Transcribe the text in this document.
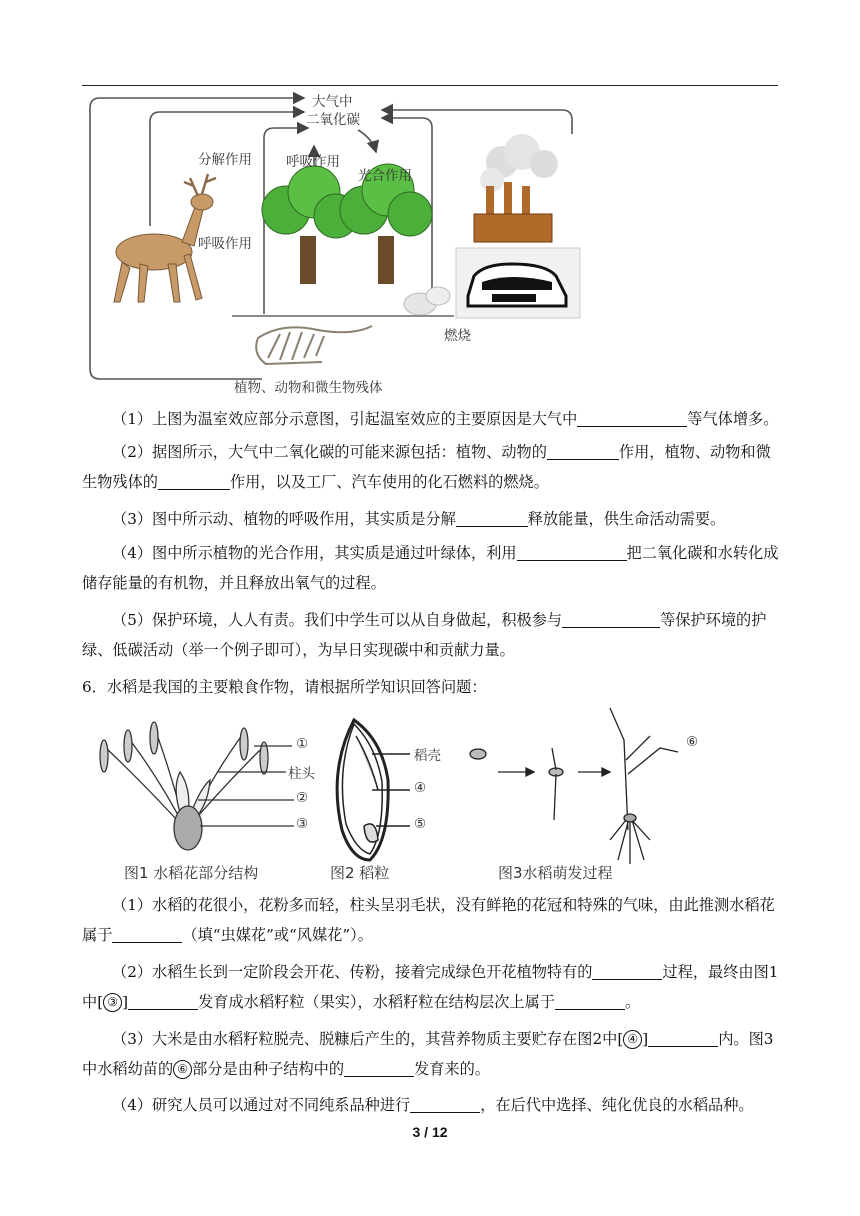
大气中
二氧化碳
分解作用	呼吸作用
光合作用
呼吸作用
燃烧
植物、动物和微生物残体

（1）上图为温室效应部分示意图，引起温室效应的主要原因是大气中	等气体增多。

（2）据图所示，大气中二氧化碳的可能来源包括：植物、动物的	作用，植物、动物和微生物残体的	作用，以及工厂、汽车使用的化石燃料的燃烧。

（3）图中所示动、植物的呼吸作用，其实质是分解	释放能量，供生命活动需要。

（4）图中所示植物的光合作用，其实质是通过叶绿体，利用	把二氧化碳和水转化成储存能量的有机物，并且释放出氧气的过程。

（5）保护环境，人人有责。我们中学生可以从自身做起，积极参与	等保护环境的护绿、低碳活动（举一个例子即可），为早日实现碳中和贡献力量。

6．水稻是我国的主要粮食作物，请根据所学知识回答问题：

①
柱头
②
③
稻壳
④
⑤
⑥
图1 水稻花部分结构	图2 稻粒	图3水稻萌发过程

（1）水稻的花很小，花粉多而轻，柱头呈羽毛状，没有鲜艳的花冠和特殊的气味，由此推测水稻花属于	（填“虫媒花”或“风媒花”）。

（2）水稻生长到一定阶段会开花、传粉，接着完成绿色开花植物特有的	过程，最终由图1中[ ③ ]	发育成水稻籽粒（果实），水稻籽粒在结构层次上属于	。

（3）大米是由水稻籽粒脱壳、脱糠后产生的，其营养物质主要贮存在图2中[ ④ ]	内。图3中水稻幼苗的 ⑥ 部分是由种子结构中的	发育来的。

（4）研究人员可以通过对不同纯系品种进行	，在后代中选择、纯化优良的水稻品种。

3 / 12
